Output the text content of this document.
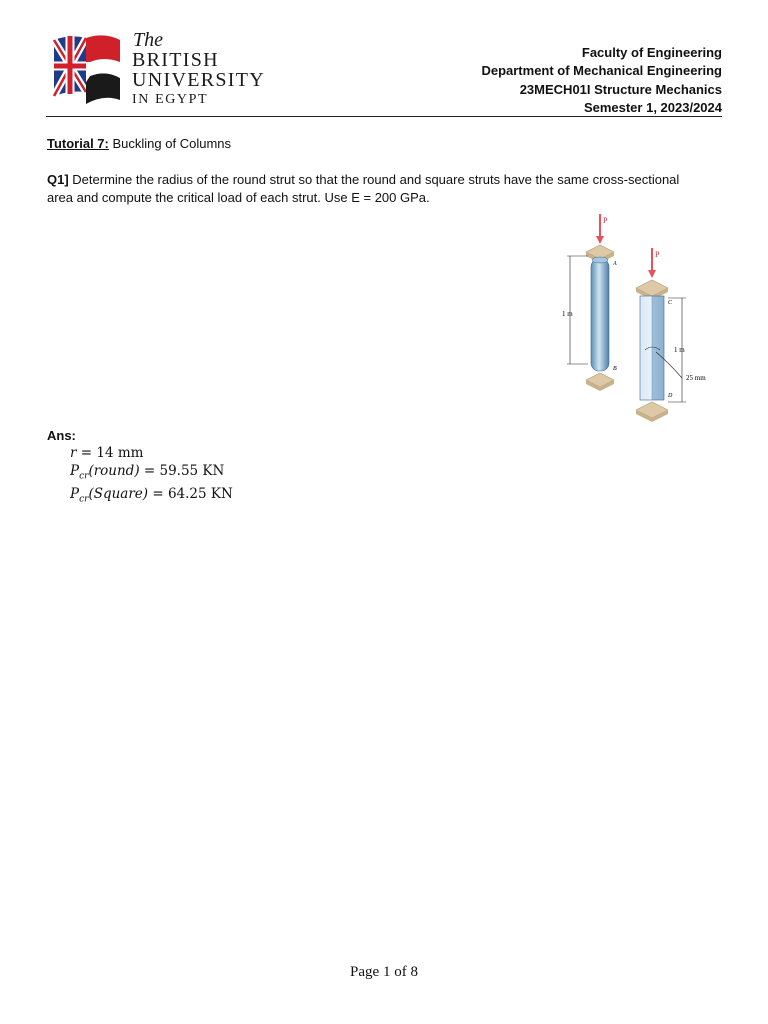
The
BRITISH
UNIVERSITY
IN EGYPT
Faculty of Engineering
Department of Mechanical Engineering
23MECH01I Structure Mechanics
Semester 1, 2023/2024
Tutorial 7: Buckling of Columns
Q1] Determine the radius of the round strut so that the round and square struts have the same cross-sectional area and compute the critical load of each strut. Use E = 200 GPa.
P
A
B
1 m
P
C
D
1 m
25 mm
Ans:
r = 14 mm
$P_{cr}(round) = 59.55$ KN
$P_{cr}(Square) = 64.25$ KN
Page 1 of 8
